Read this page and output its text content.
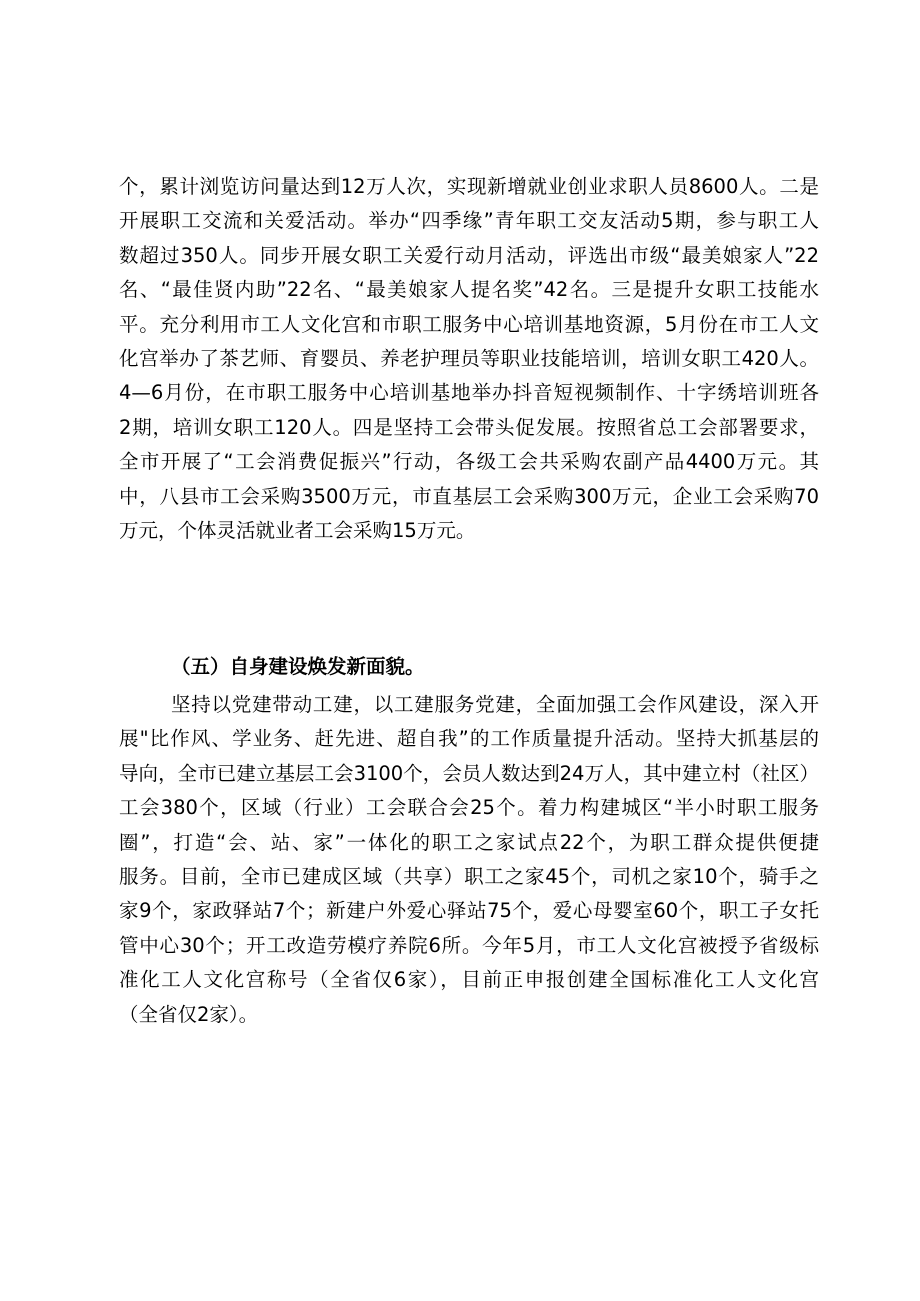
个，累计浏览访问量达到12万人次，实现新增就业创业求职人员8600人。二是
开展职工交流和关爱活动。举办“四季缘”青年职工交友活动5期，参与职工人
数超过350人。同步开展女职工关爱行动月活动，评选出市级“最美娘家人”22
名、“最佳贤内助”22名、“最美娘家人提名奖”42名。三是提升女职工技能水
平。充分利用市工人文化宫和市职工服务中心培训基地资源，5月份在市工人文
化宫举办了茶艺师、育婴员、养老护理员等职业技能培训，培训女职工420人。
4—6月份，在市职工服务中心培训基地举办抖音短视频制作、十字绣培训班各
2期，培训女职工120人。四是坚持工会带头促发展。按照省总工会部署要求，
全市开展了“工会消费促振兴”行动，各级工会共采购农副产品4400万元。其
中，八县市工会采购3500万元，市直基层工会采购300万元，企业工会采购70
万元，个体灵活就业者工会采购15万元。
（五）自身建设焕发新面貌。
坚持以党建带动工建，以工建服务党建，全面加强工会作风建设，深入开
展"比作风、学业务、赶先进、超自我”的工作质量提升活动。坚持大抓基层的
导向，全市已建立基层工会3100个，会员人数达到24万人，其中建立村（社区）
工会380个，区域（行业）工会联合会25个。着力构建城区“半小时职工服务
圈”，打造“会、站、家”一体化的职工之家试点22个，为职工群众提供便捷
服务。目前，全市已建成区域（共享）职工之家45个，司机之家10个，骑手之
家9个，家政驿站7个；新建户外爱心驿站75个，爱心母婴室60个，职工子女托
管中心30个；开工改造劳模疗养院6所。今年5月，市工人文化宫被授予省级标
准化工人文化宫称号（全省仅6家），目前正申报创建全国标准化工人文化宫
（全省仅2家）。
